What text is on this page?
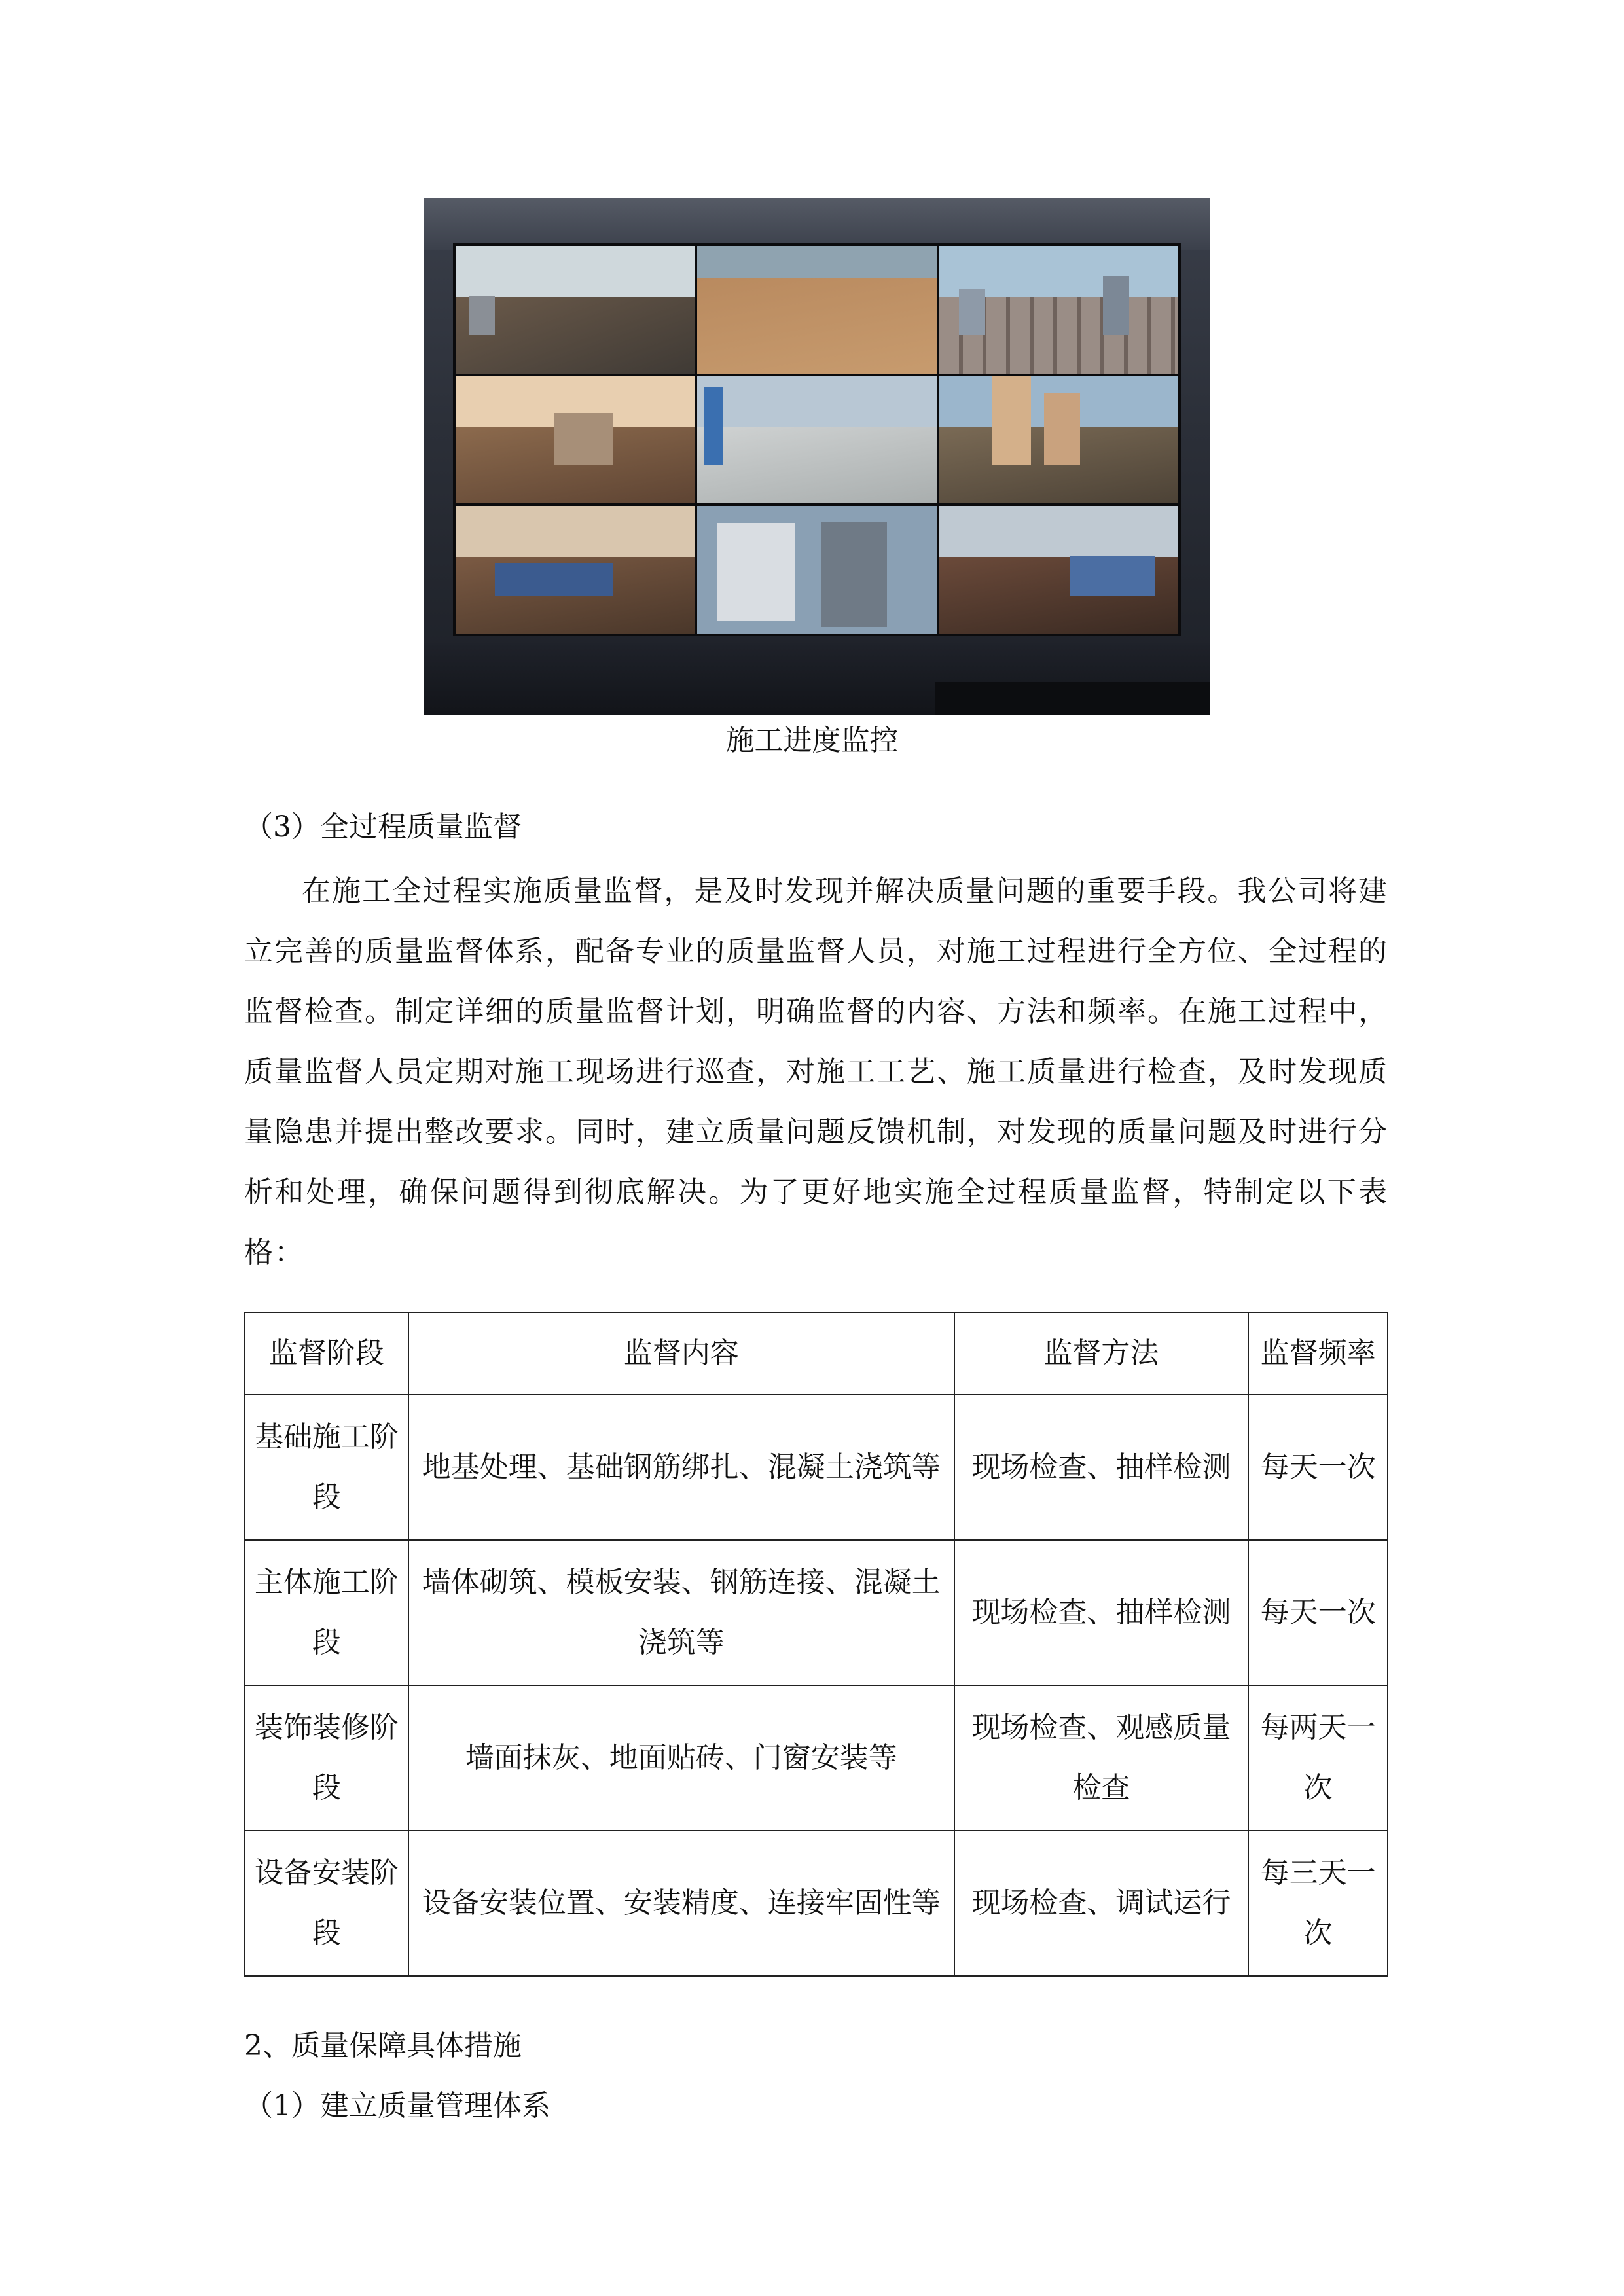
施工进度监控
（3）全过程质量监督
在施工全过程实施质量监督，是及时发现并解决质量问题的重要手段。我公司将建立完善的质量监督体系，配备专业的质量监督人员，对施工过程进行全方位、全过程的监督检查。制定详细的质量监督计划，明确监督的内容、方法和频率。在施工过程中，质量监督人员定期对施工现场进行巡查，对施工工艺、施工质量进行检查，及时发现质量隐患并提出整改要求。同时，建立质量问题反馈机制，对发现的质量问题及时进行分析和处理，确保问题得到彻底解决。为了更好地实施全过程质量监督，特制定以下表格：
监督阶段	监督内容	监督方法	监督频率
基础施工阶段	地基处理、基础钢筋绑扎、混凝土浇筑等	现场检查、抽样检测	每天一次
主体施工阶段	墙体砌筑、模板安装、钢筋连接、混凝土浇筑等	现场检查、抽样检测	每天一次
装饰装修阶段	墙面抹灰、地面贴砖、门窗安装等	现场检查、观感质量检查	每两天一次
设备安装阶段	设备安装位置、安装精度、连接牢固性等	现场检查、调试运行	每三天一次
2、质量保障具体措施
（1）建立质量管理体系
